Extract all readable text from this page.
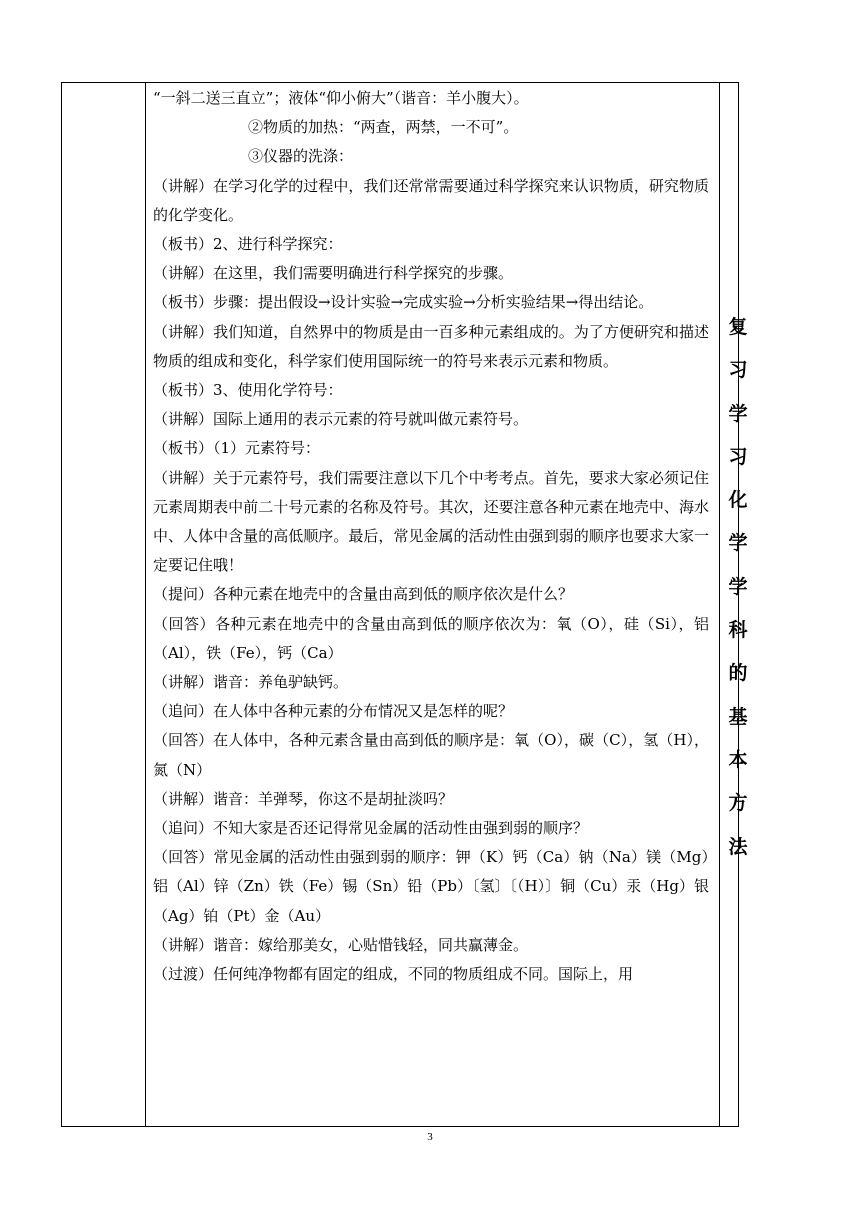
“一斜二送三直立”；液体“仰小俯大”（谐音：羊小腹大）。

②物质的加热：“两查，两禁，一不可”。

③仪器的洗涤：

（讲解）在学习化学的过程中，我们还常常需要通过科学探究来认识物质，研究物质的化学变化。

（板书）2、进行科学探究：

（讲解）在这里，我们需要明确进行科学探究的步骤。

（板书）步骤：提出假设→设计实验→完成实验→分析实验结果→得出结论。

（讲解）我们知道，自然界中的物质是由一百多种元素组成的。为了方便研究和描述物质的组成和变化，科学家们使用国际统一的符号来表示元素和物质。

（板书）3、使用化学符号：

（讲解）国际上通用的表示元素的符号就叫做元素符号。

（板书）（1）元素符号：

（讲解）关于元素符号，我们需要注意以下几个中考考点。首先，要求大家必须记住元素周期表中前二十号元素的名称及符号。其次，还要注意各种元素在地壳中、海水中、人体中含量的高低顺序。最后，常见金属的活动性由强到弱的顺序也要求大家一定要记住哦！

（提问）各种元素在地壳中的含量由高到低的顺序依次是什么？

（回答）各种元素在地壳中的含量由高到低的顺序依次为：氧（O），硅（Si），铝（Al），铁（Fe），钙（Ca）

（讲解）谐音：养龟驴缺钙。

（追问）在人体中各种元素的分布情况又是怎样的呢？

（回答）在人体中，各种元素含量由高到低的顺序是：氧（O），碳（C），氢（H），氮（N）

（讲解）谐音：羊弹琴，你这不是胡扯淡吗？

（追问）不知大家是否还记得常见金属的活动性由强到弱的顺序？

（回答）常见金属的活动性由强到弱的顺序：钾（K）钙（Ca）钠（Na）镁（Mg）铝（Al）锌（Zn）铁（Fe）锡（Sn）铅（Pb）〔氢〕〔（H）〕铜（Cu）汞（Hg）银（Ag）铂（Pt）金（Au）

（讲解）谐音：嫁给那美女，心贴惜钱轻，同共赢薄金。

（过渡）任何纯净物都有固定的组成，不同的物质组成不同。国际上，用

复
习
学
习
化
学
学
科
的
基
本
方
法
3
